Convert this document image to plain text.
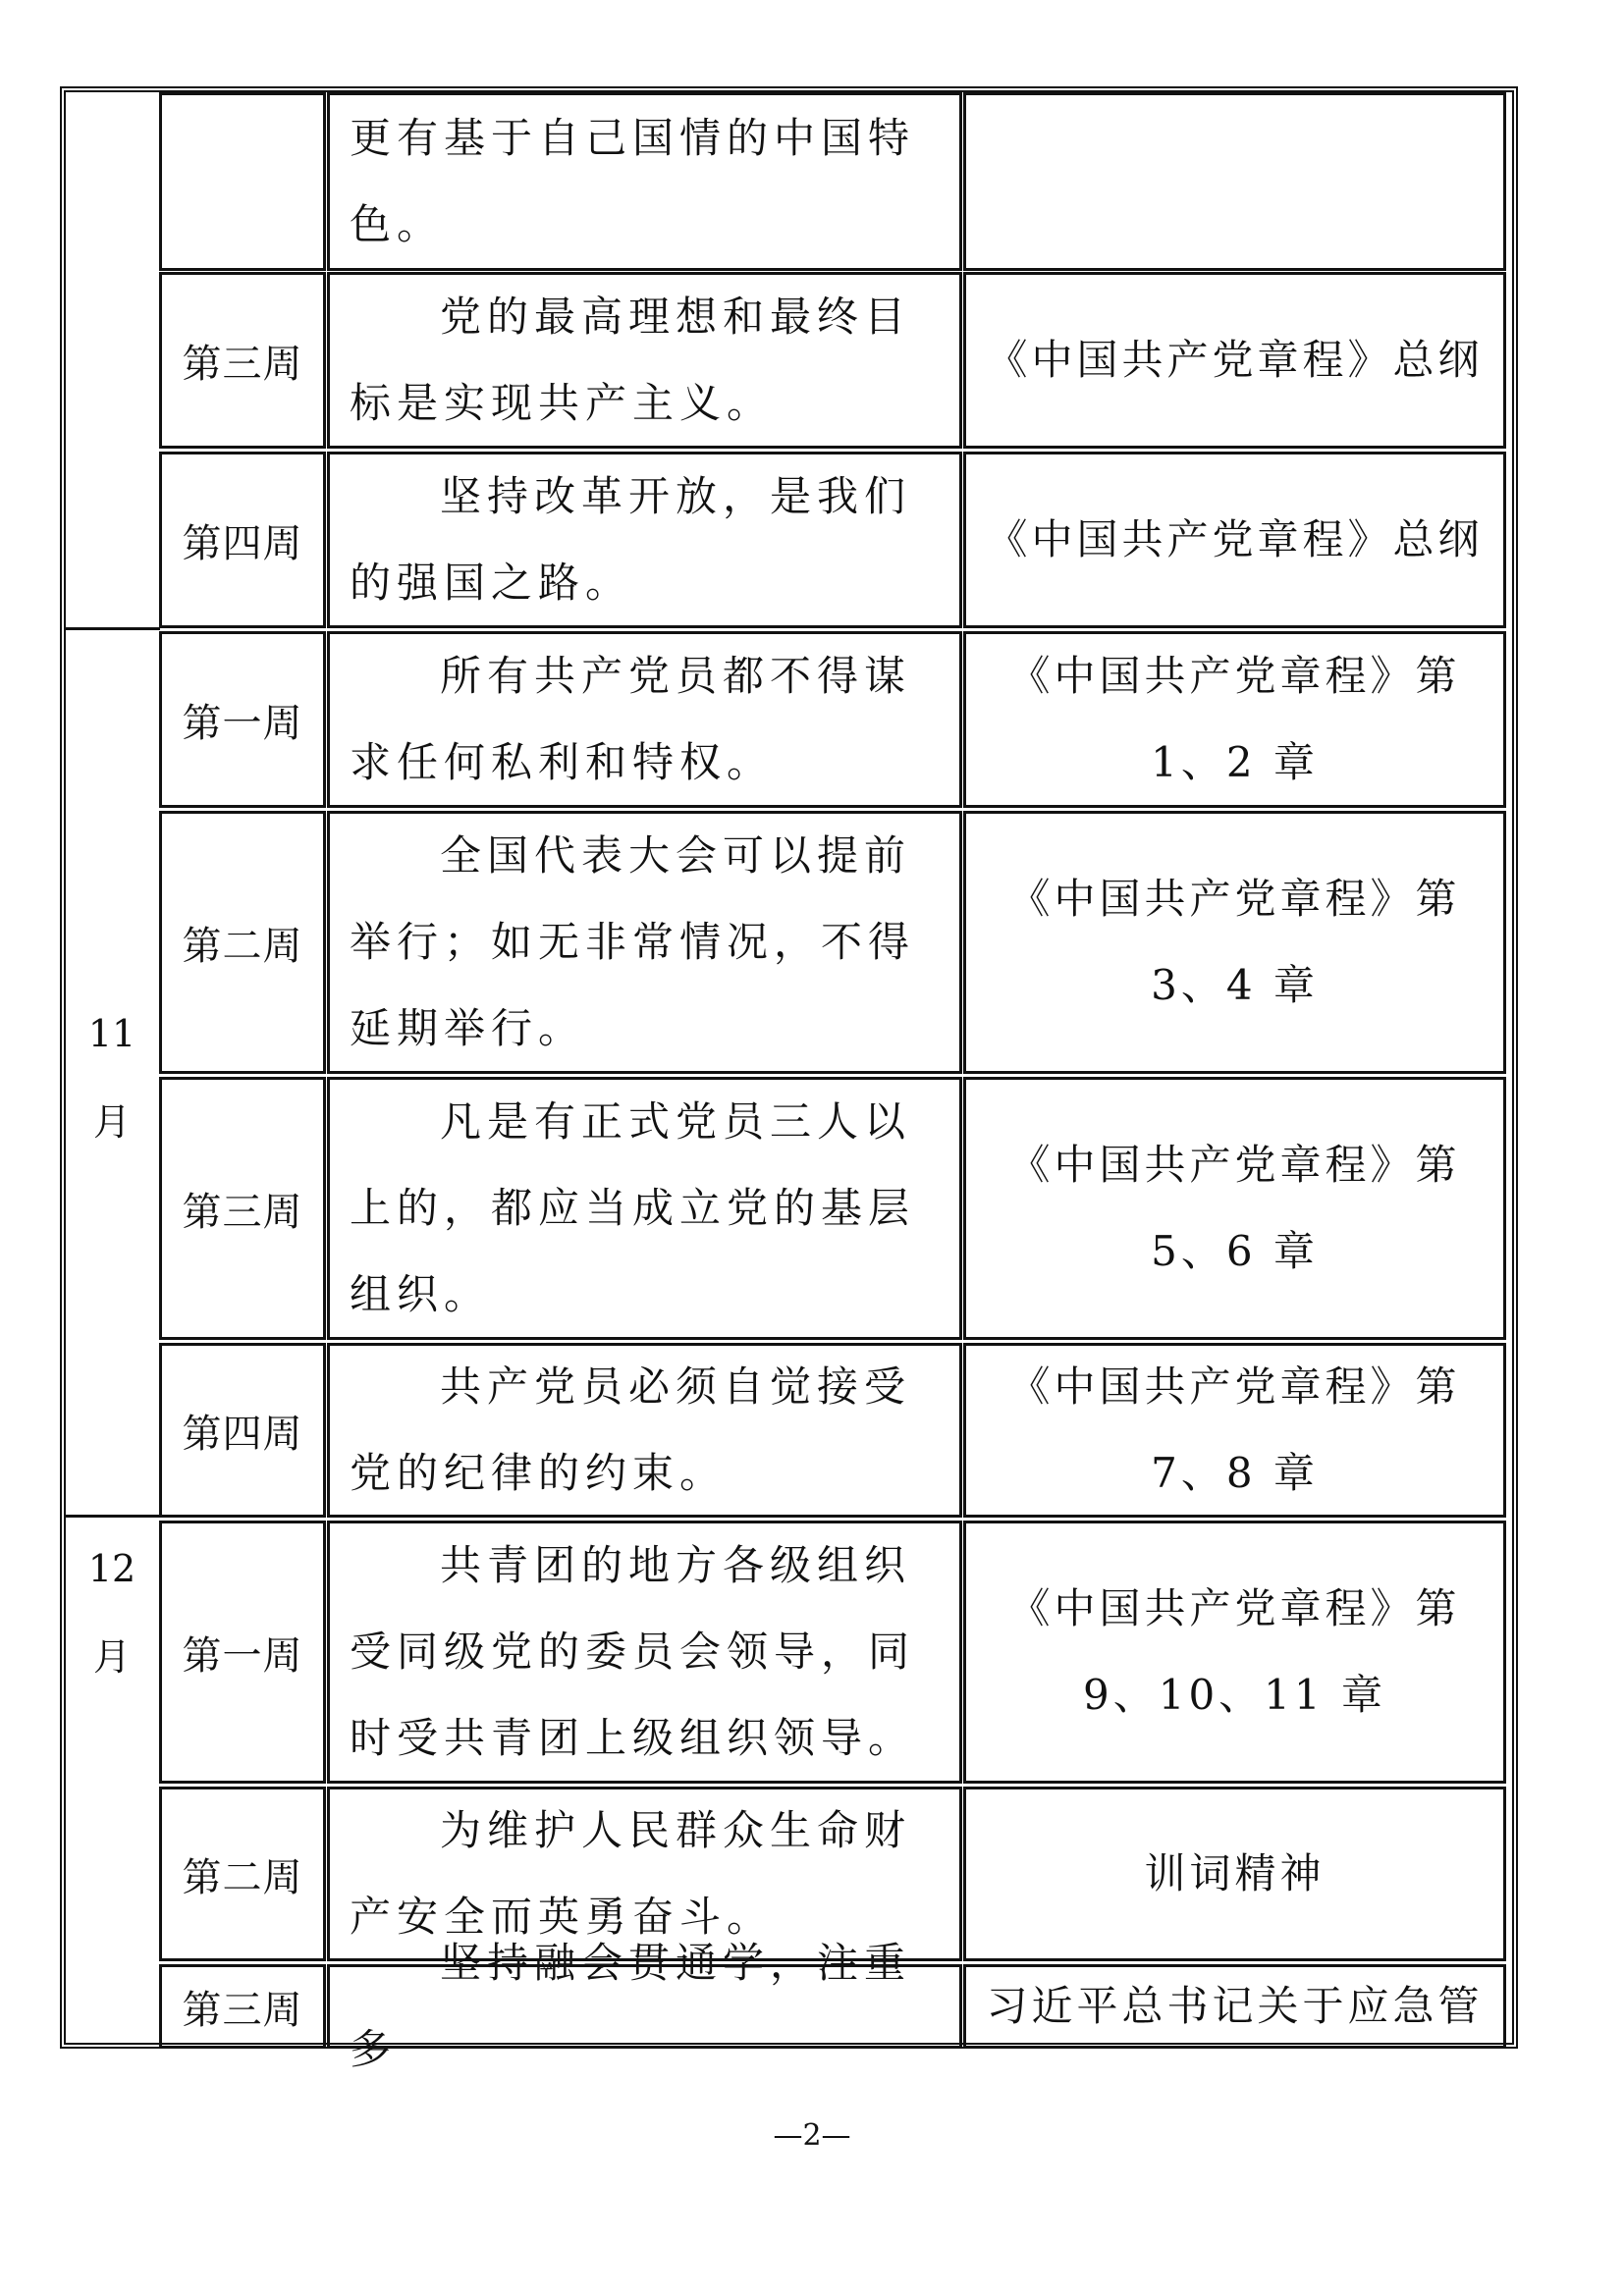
11
月
12
月

更有基于自己国情的中国特色。

第三周

党的最高理想和最终目标是实现共产主义。

《中国共产党章程》总纲

第四周

坚持改革开放，是我们的强国之路。

《中国共产党章程》总纲

第一周

所有共产党员都不得谋求任何私利和特权。

《中国共产党章程》第 1、2 章

第二周

全国代表大会可以提前举行；如无非常情况，不得延期举行。

《中国共产党章程》第 3、4 章

第三周

凡是有正式党员三人以上的，都应当成立党的基层组织。

《中国共产党章程》第 5、6 章

第四周

共产党员必须自觉接受党的纪律的约束。

《中国共产党章程》第 7、8 章

第一周

共青团的地方各级组织受同级党的委员会领导，同时受共青团上级组织领导。

《中国共产党章程》第 9、10、11 章

第二周

为维护人民群众生命财产安全而英勇奋斗。

训词精神

第三周

坚持融会贯通学，注重多

习近平总书记关于应急管

—2—
